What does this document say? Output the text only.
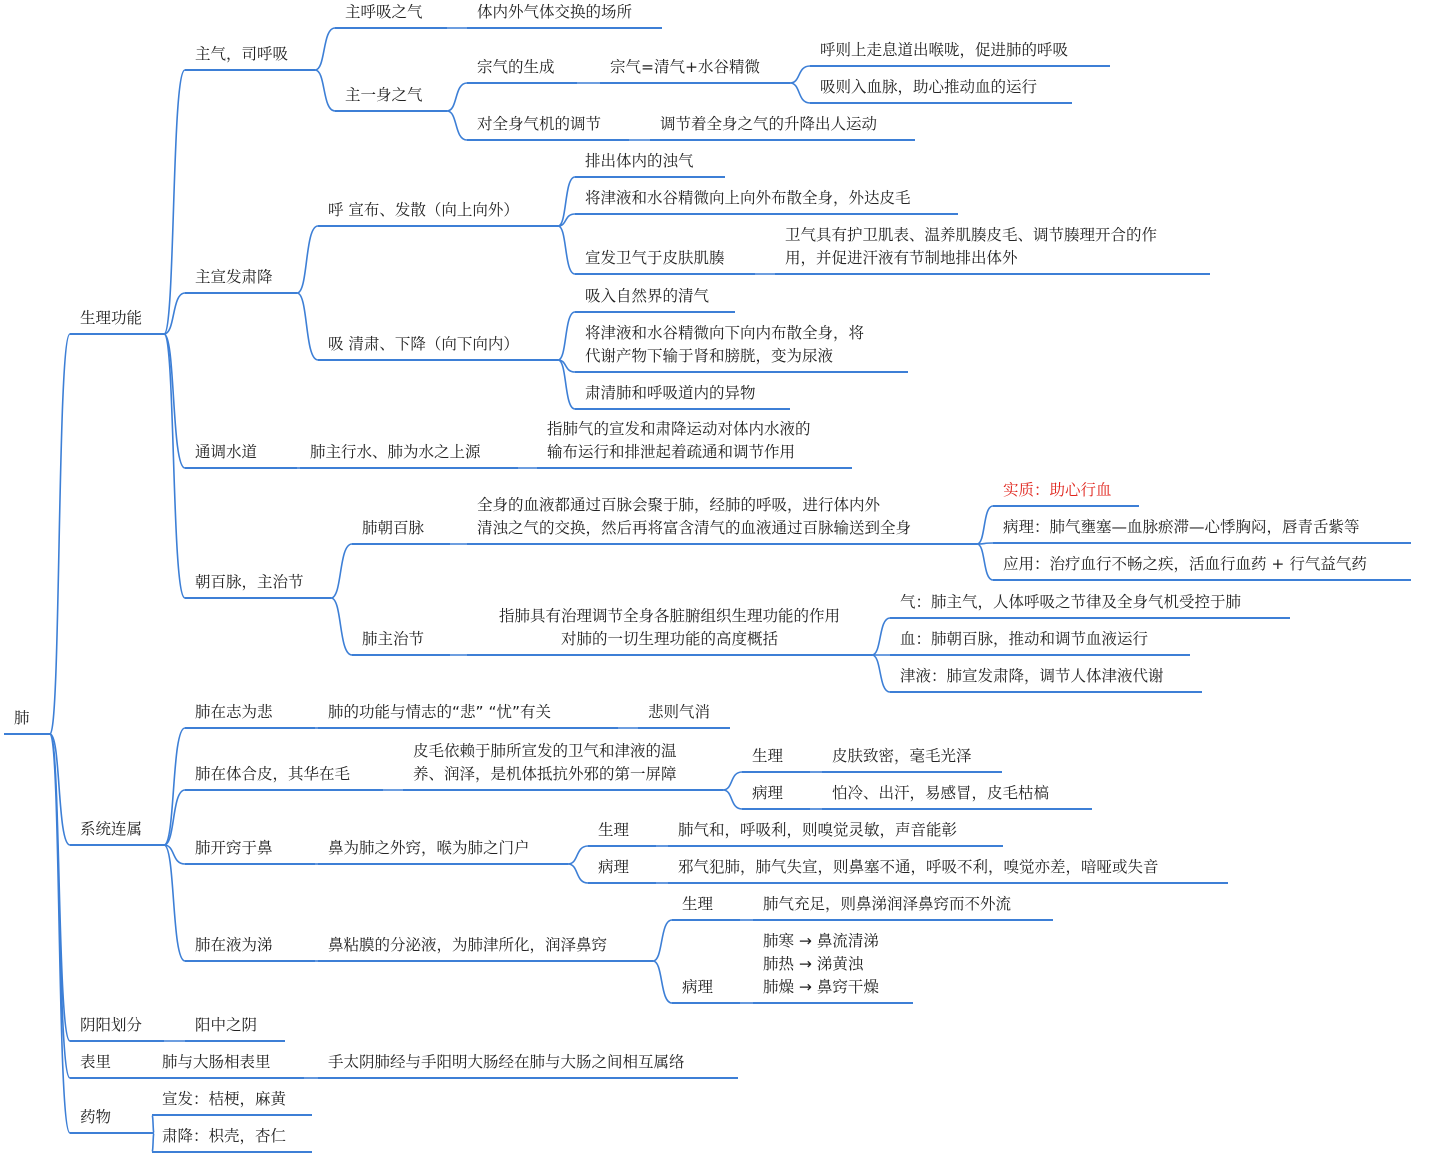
肺
生理功能
系统连属
阴阳划分
表里
药物
主气，司呼吸
主宣发肃降
通调水道
朝百脉，主治节
主呼吸之气	体内外气体交换的场所
主一身之气
宗气的生成	宗气=清气+水谷精微
呼则上走息道出喉咙，促进肺的呼吸
吸则入血脉，助心推动血的运行
对全身气机的调节	调节着全身之气的升降出人运动
呼 宣布、发散（向上向外）
排出体内的浊气
将津液和水谷精微向上向外布散全身，外达皮毛
宣发卫气于皮肤肌腠
卫气具有护卫肌表、温养肌腠皮毛、调节腠理开合的作
用，并促进汗液有节制地排出体外
吸 清肃、下降（向下向内）
吸入自然界的清气
将津液和水谷精微向下向内布散全身，将
代谢产物下输于肾和膀胱，变为尿液
肃清肺和呼吸道内的异物
肺主行水、肺为水之上源
指肺气的宣发和肃降运动对体内水液的
输布运行和排泄起着疏通和调节作用
肺朝百脉
全身的血液都通过百脉会聚于肺，经肺的呼吸，进行体内外
清浊之气的交换，然后再将富含清气的血液通过百脉输送到全身
实质：助心行血
病理：肺气壅塞—血脉瘀滞—心悸胸闷，唇青舌紫等
应用：治疗血行不畅之疾，活血行血药 + 行气益气药
肺主治节
指肺具有治理调节全身各脏腑组织生理功能的作用
对肺的一切生理功能的高度概括
气：肺主气，人体呼吸之节律及全身气机受控于肺
血：肺朝百脉，推动和调节血液运行
津液：肺宣发肃降，调节人体津液代谢
肺在志为悲	肺的功能与情志的“悲” “忧”有关	悲则气消
肺在体合皮，其华在毛
皮毛依赖于肺所宣发的卫气和津液的温
养、润泽，是机体抵抗外邪的第一屏障
生理	皮肤致密，毫毛光泽
病理	怕冷、出汗，易感冒，皮毛枯槁
肺开窍于鼻	鼻为肺之外窍，喉为肺之门户
生理	肺气和，呼吸利，则嗅觉灵敏，声音能彰
病理	邪气犯肺，肺气失宣，则鼻塞不通，呼吸不利，嗅觉亦差，喑哑或失音
肺在液为涕	鼻粘膜的分泌液，为肺津所化，润泽鼻窍
生理	肺气充足，则鼻涕润泽鼻窍而不外流
病理
肺寒 → 鼻流清涕
肺热 → 涕黄浊
肺燥 → 鼻窍干燥
阳中之阴
肺与大肠相表里	手太阴肺经与手阳明大肠经在肺与大肠之间相互属络
宣发：桔梗，麻黄
肃降：枳壳，杏仁
